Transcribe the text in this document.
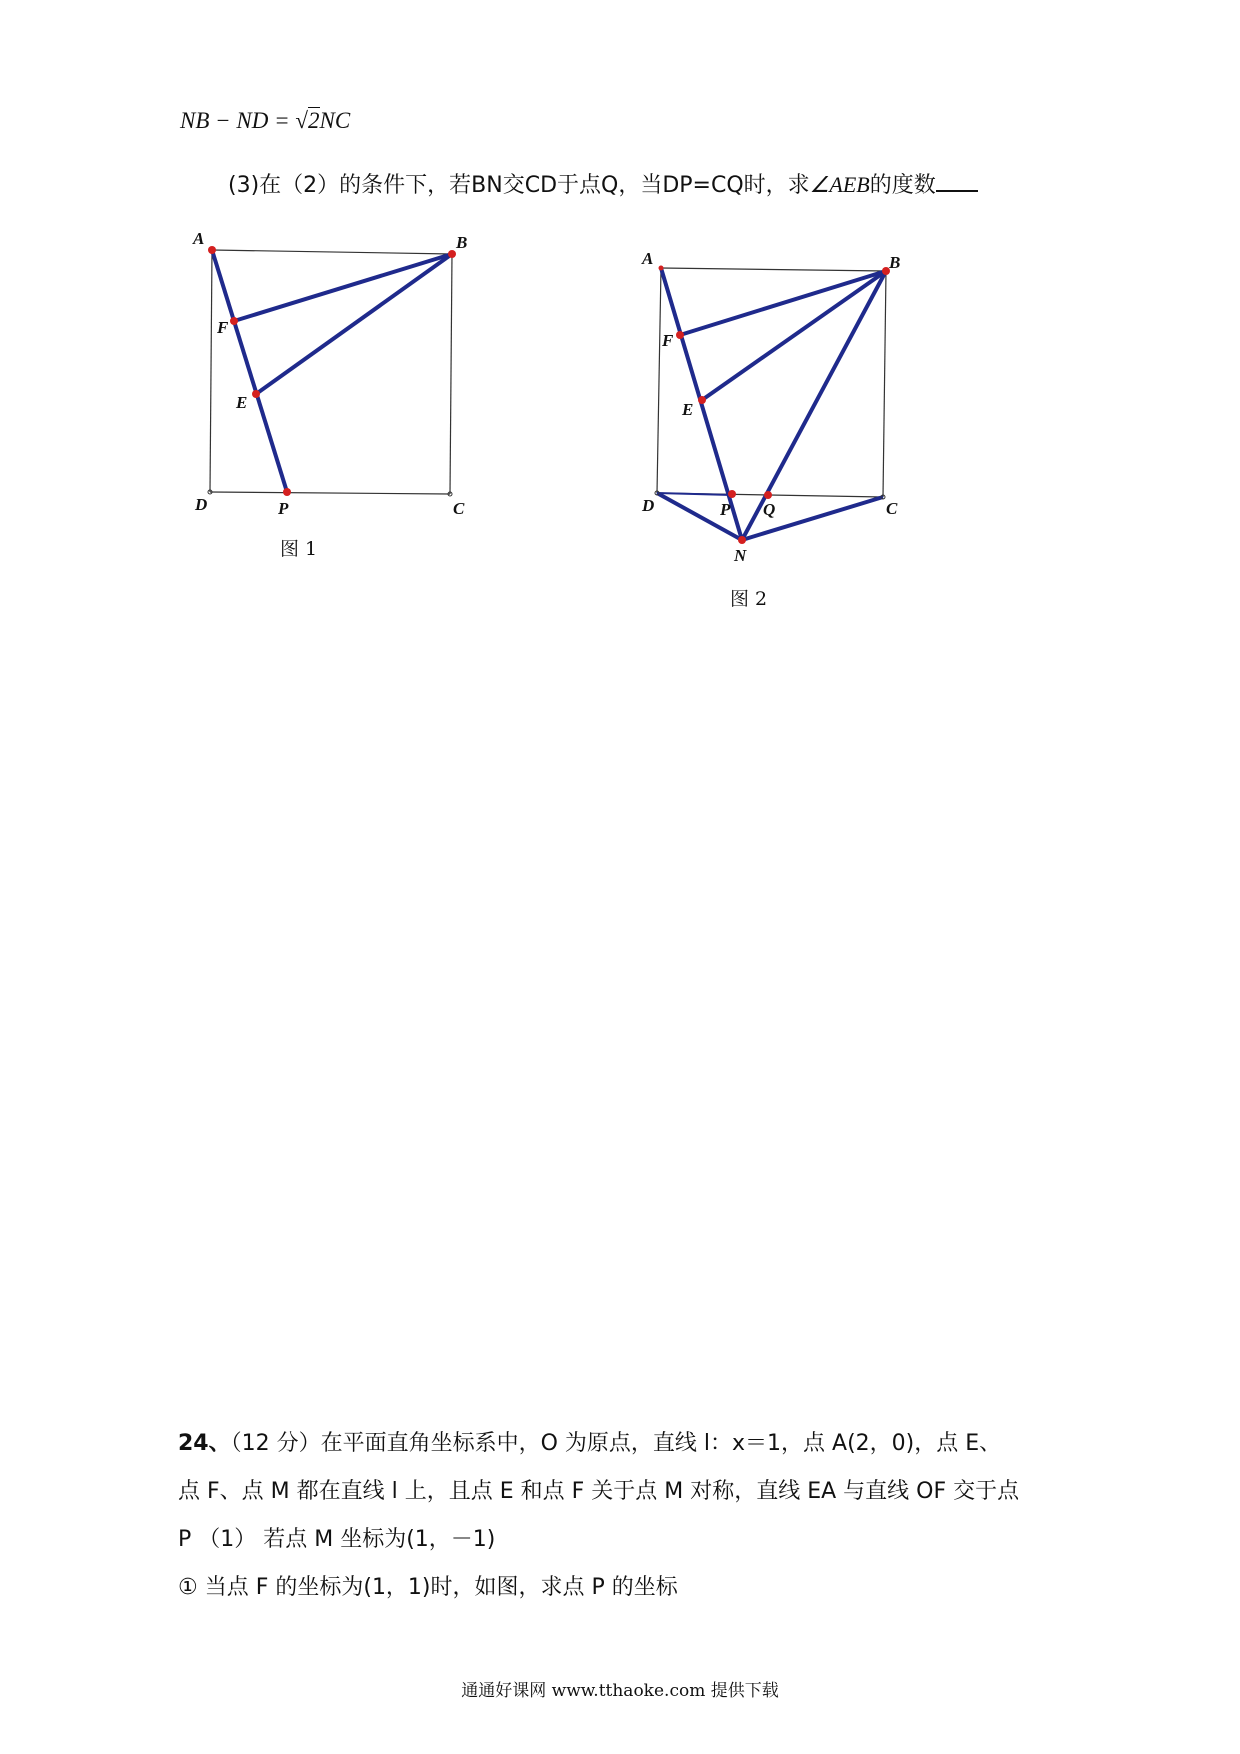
NB − ND = √2NC
(3)在（2）的条件下，若BN交CD于点Q，当DP=CQ时，求∠AEB的度数
A	B
F
E
D	P	C
A	B
F
E
D	P Q	C
N
图 1
图 2
24、（12 分）在平面直角坐标系中，O 为原点，直线 l：x＝1，点 A(2，0)，点 E、
点 F、点 M 都在直线 l 上，且点 E 和点 F 关于点 M 对称，直线 EA 与直线 OF 交于点
P （1） 若点 M 坐标为(1，－1)
① 当点 F 的坐标为(1，1)时，如图，求点 P 的坐标
通通好课网 www.tthaoke.com 提供下载
